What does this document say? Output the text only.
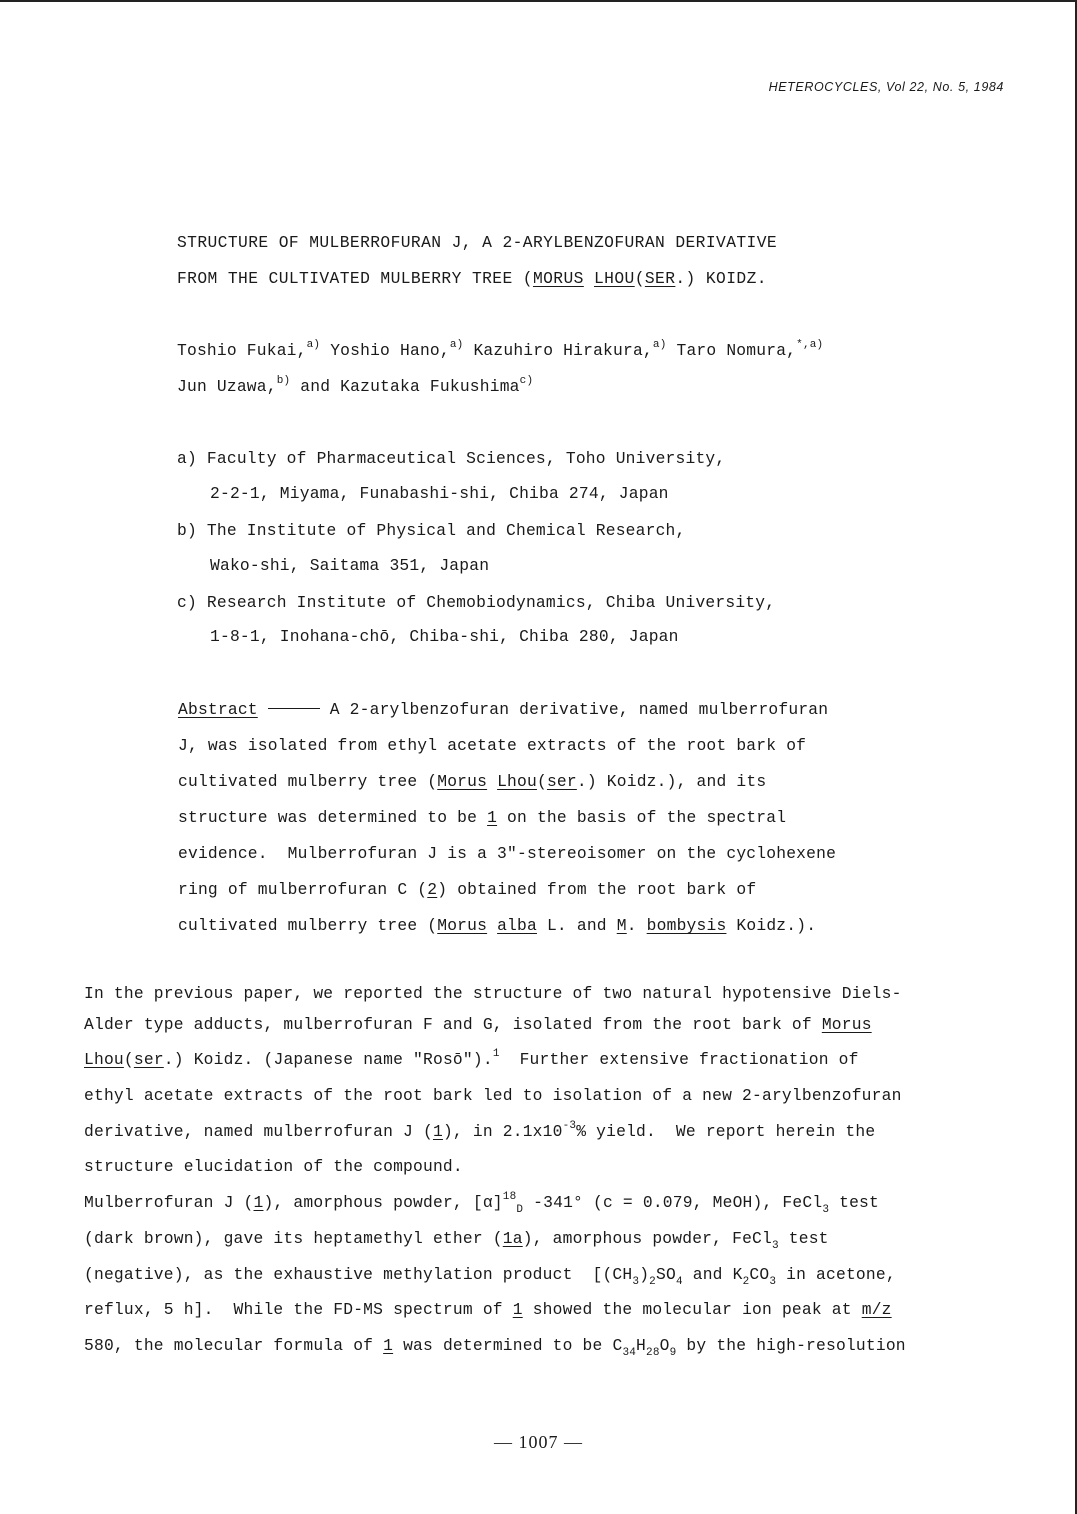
HETEROCYCLES, Vol 22, No. 5, 1984
STRUCTURE OF MULBERROFURAN J, A 2-ARYLBENZOFURAN DERIVATIVE
FROM THE CULTIVATED MULBERRY TREE (MORUS LHOU(SER.) KOIDZ.
Toshio Fukai,$^{a)}$ Yoshio Hano,$^{a)}$ Kazuhiro Hirakura,$^{a)}$ Taro Nomura,$^{*,a)}$
Jun Uzawa,$^{b)}$ and Kazutaka Fukushima$^{c)}$
a) Faculty of Pharmaceutical Sciences, Toho University,
2-2-1, Miyama, Funabashi-shi, Chiba 274, Japan
b) The Institute of Physical and Chemical Research,
Wako-shi, Saitama 351, Japan
c) Research Institute of Chemobiodynamics, Chiba University,
1-8-1, Inohana-chō, Chiba-shi, Chiba 280, Japan
Abstract	A 2-arylbenzofuran derivative, named mulberrofuran
J, was isolated from ethyl acetate extracts of the root bark of
cultivated mulberry tree (Morus Lhou(ser.) Koidz.), and its
structure was determined to be 1 on the basis of the spectral
evidence.  Mulberrofuran J is a 3"-stereoisomer on the cyclohexene
ring of mulberrofuran C (2) obtained from the root bark of
cultivated mulberry tree (Morus alba L. and M. bombysis Koidz.).
In the previous paper, we reported the structure of two natural hypotensive Diels-
Alder type adducts, mulberrofuran F and G, isolated from the root bark of Morus
Lhou(ser.) Koidz. (Japanese name "Rosō").$^1$  Further extensive fractionation of
ethyl acetate extracts of the root bark led to isolation of a new 2-arylbenzofuran
derivative, named mulberrofuran J (1), in $2.1x10^{-3}\%$ yield.  We report herein the
structure elucidation of the compound.
Mulberrofuran J (1), amorphous powder, $[\alpha]^{18}_D$ -341° (c = 0.079, MeOH), FeCl$_3$ test
(dark brown), gave its heptamethyl ether (1a), amorphous powder, FeCl$_3$ test
(negative), as the exhaustive methylation product  [$(CH_3)_2SO_4$ and $K_2CO_3$ in acetone,
reflux, 5 h].  While the FD-MS spectrum of 1 showed the molecular ion peak at m/z
580, the molecular formula of 1 was determined to be $C_{34}H_{28}O_9$ by the high-resolution
— 1007 —
